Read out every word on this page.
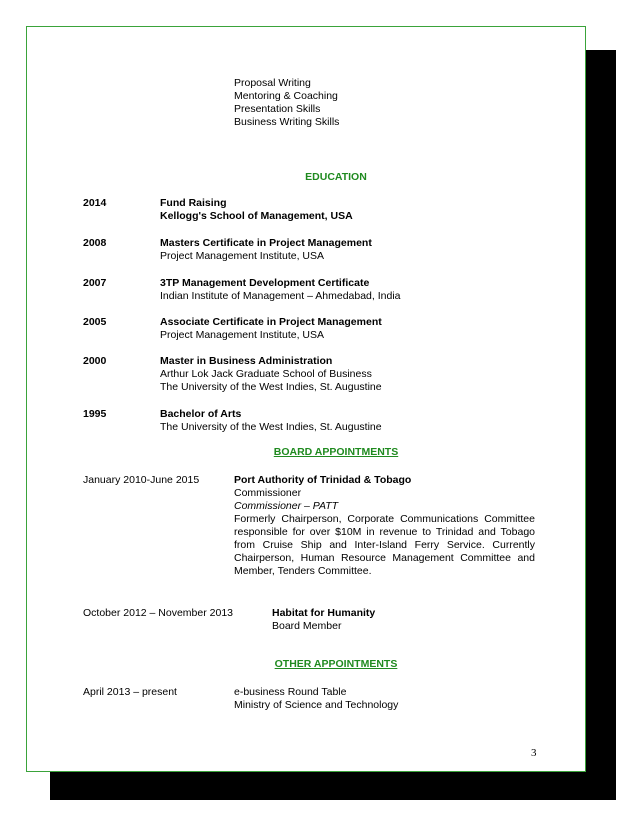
Proposal Writing
Mentoring & Coaching
Presentation Skills
Business Writing Skills
EDUCATION
2014	Fund Raising
Kellogg's School of Management, USA
2008	Masters Certificate in Project Management
Project Management Institute, USA
2007	3TP Management Development Certificate
Indian Institute of Management – Ahmedabad, India
2005	Associate Certificate in Project Management
Project Management Institute, USA
2000	Master in Business Administration
Arthur Lok Jack Graduate School of Business
The University of the West Indies, St. Augustine
1995	Bachelor of Arts
The University of the West Indies, St. Augustine
BOARD APPOINTMENTS
January 2010-June 2015	Port Authority of Trinidad & Tobago
Commissioner
Commissioner – PATT
Formerly Chairperson, Corporate Communications Committee responsible for over $10M in revenue to Trinidad and Tobago from Cruise Ship and Inter-Island Ferry Service. Currently Chairperson, Human Resource Management Committee and Member, Tenders Committee.
October 2012 – November 2013	Habitat for Humanity
Board Member
OTHER APPOINTMENTS
April 2013 – present	e-business Round Table
Ministry of Science and Technology
3
